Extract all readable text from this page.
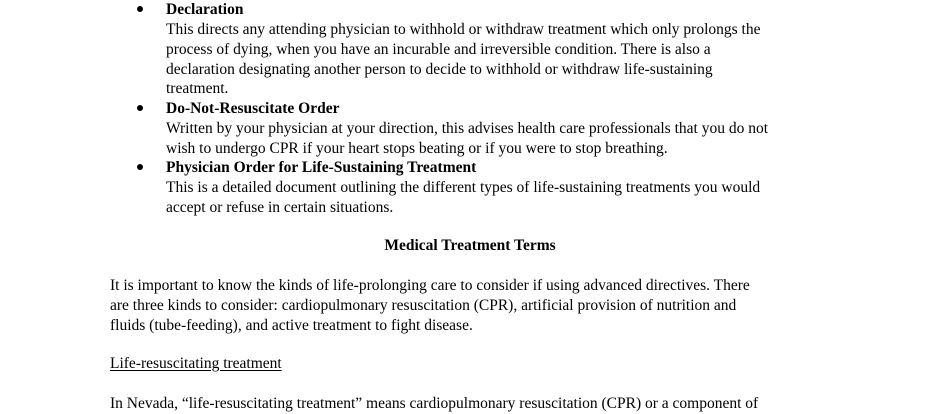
Declaration
This directs any attending physician to withhold or withdraw treatment which only prolongs the
process of dying, when you have an incurable and irreversible condition. There is also a
declaration designating another person to decide to withhold or withdraw life-sustaining
treatment.
Do-Not-Resuscitate Order
Written by your physician at your direction, this advises health care professionals that you do not
wish to undergo CPR if your heart stops beating or if you were to stop breathing.
Physician Order for Life-Sustaining Treatment
This is a detailed document outlining the different types of life-sustaining treatments you would
accept or refuse in certain situations.
Medical Treatment Terms
It is important to know the kinds of life-prolonging care to consider if using advanced directives. There
are three kinds to consider: cardiopulmonary resuscitation (CPR), artificial provision of nutrition and
fluids (tube-feeding), and active treatment to fight disease.
Life-resuscitating treatment
In Nevada, “life-resuscitating treatment” means cardiopulmonary resuscitation (CPR) or a component of
